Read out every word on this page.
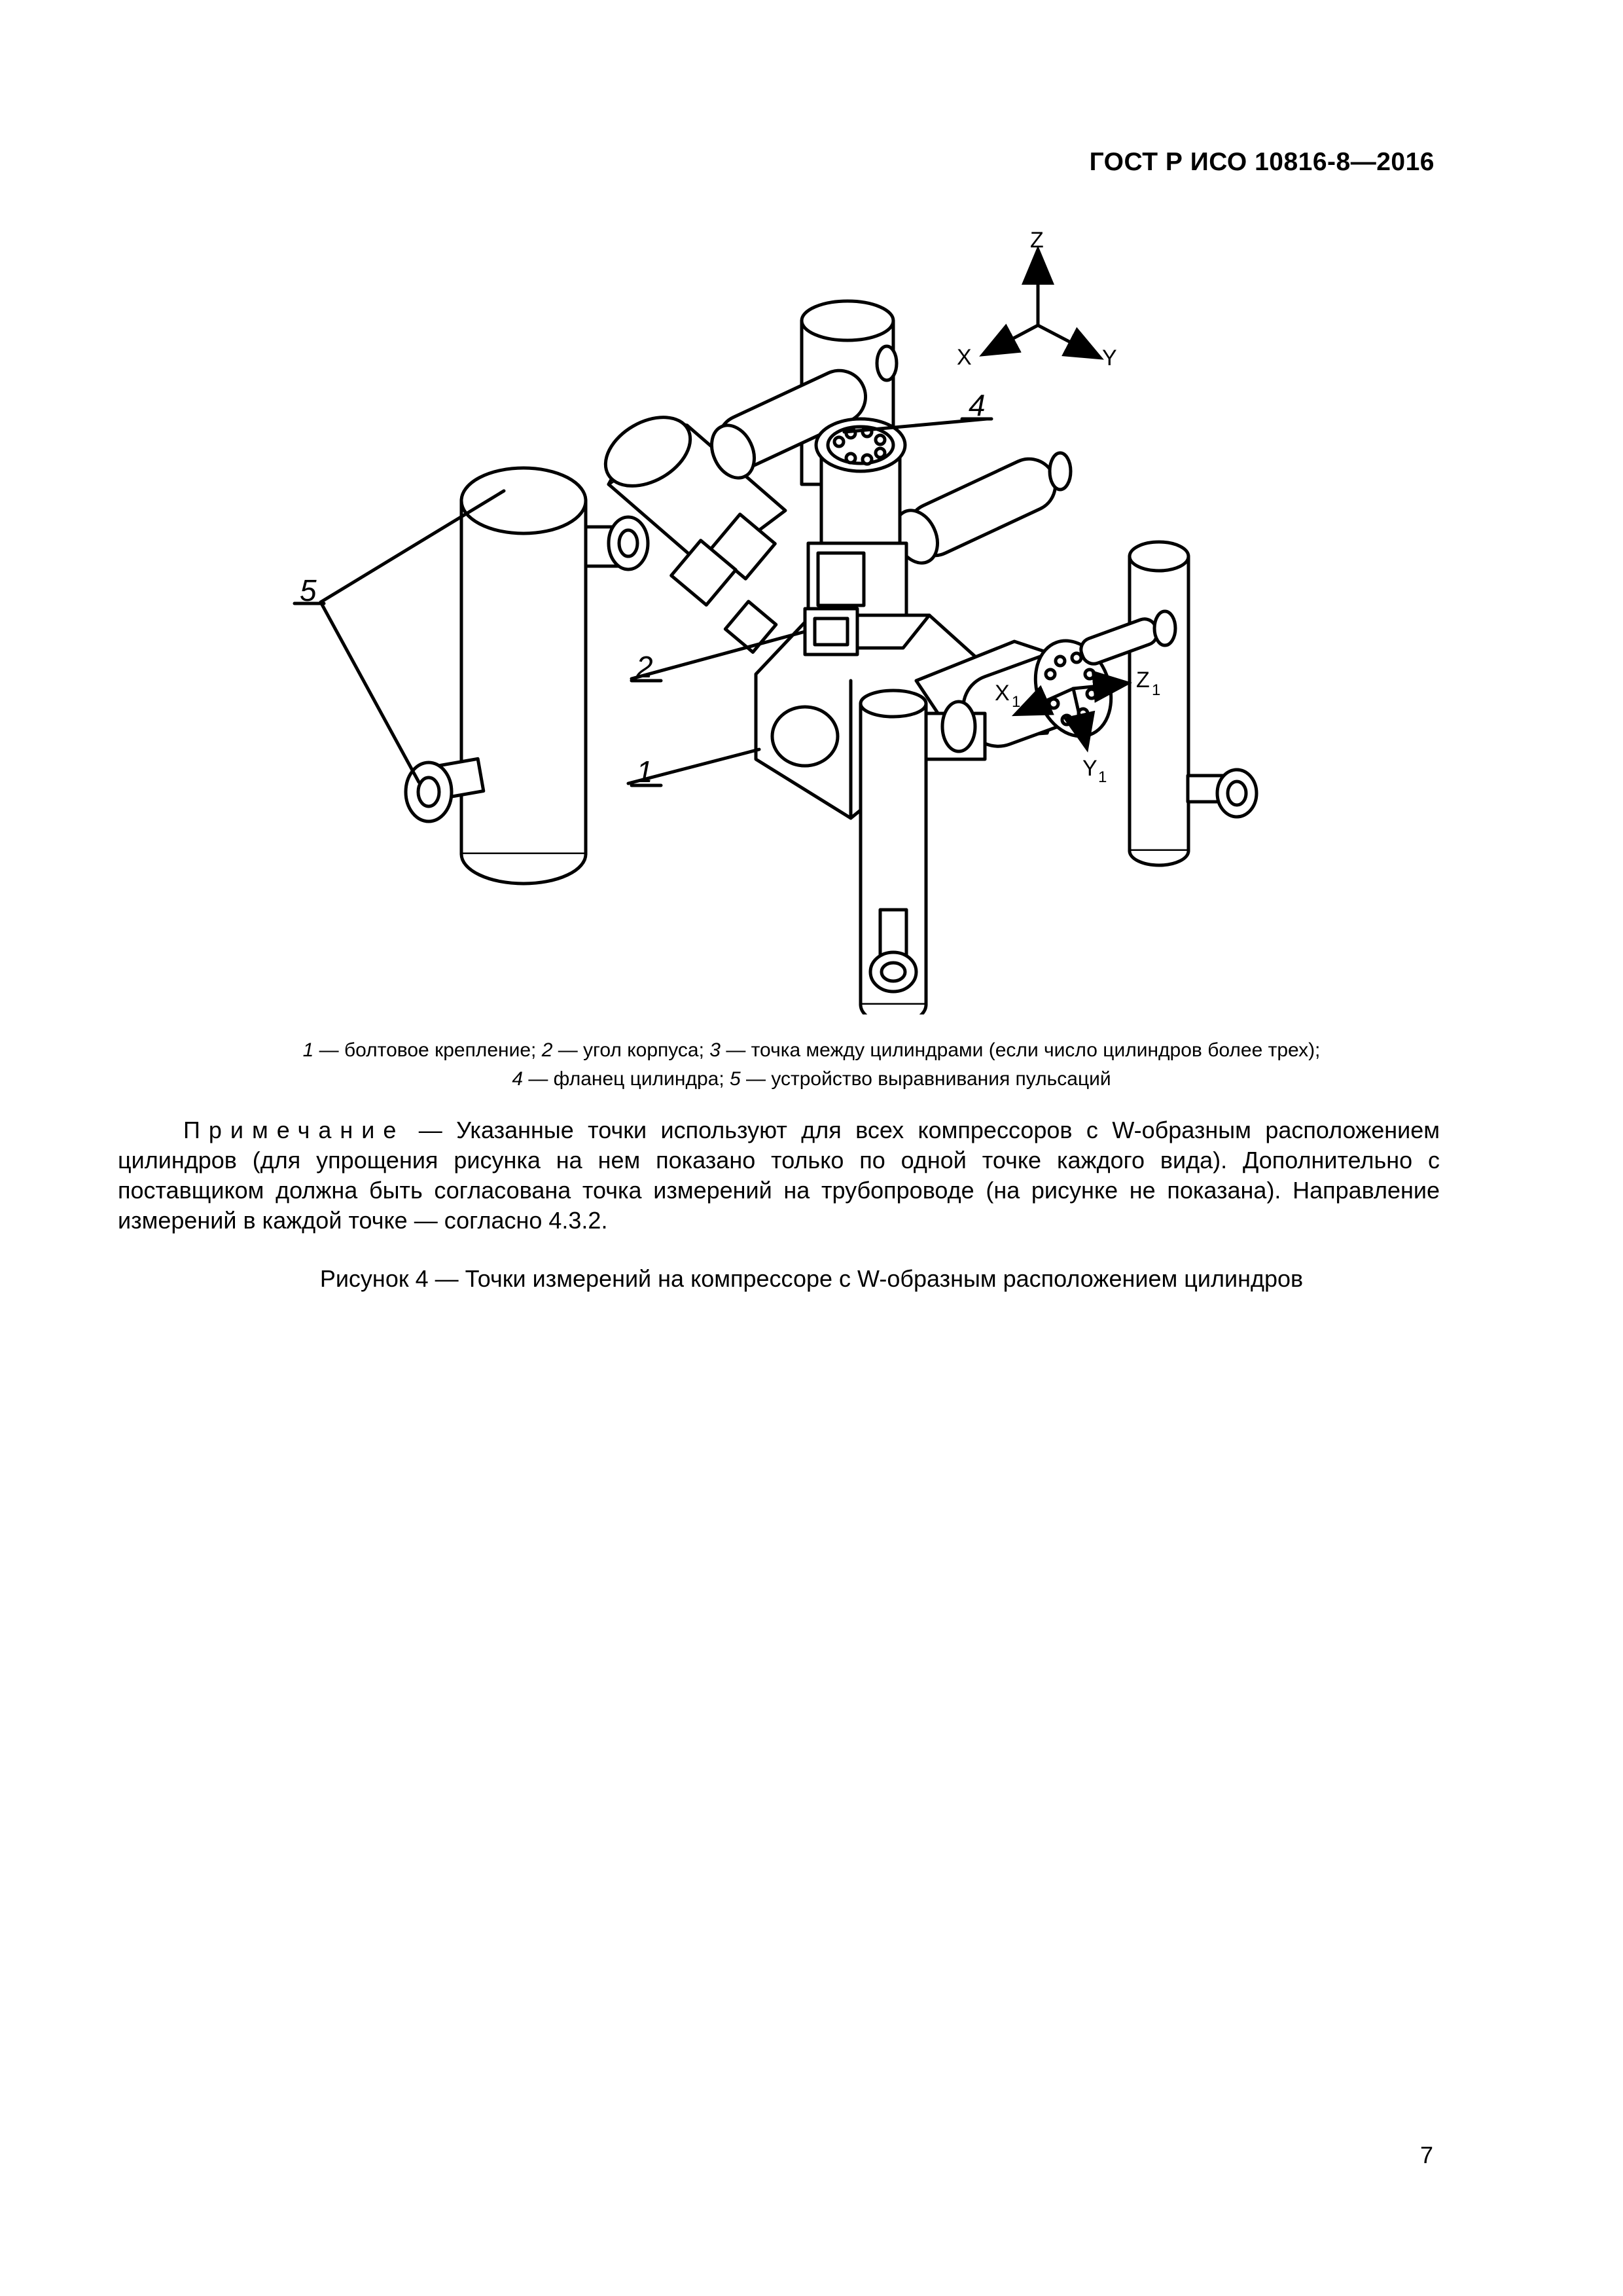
ГОСТ Р ИСО 10816-8—2016
Z
X	Y
X 1
Z 1
Y 1
1
2
4
5
1 — болтовое крепление; 2 — угол корпуса; 3 — точка между цилиндрами (если число цилиндров более трех);
4 — фланец цилиндра; 5 — устройство выравнивания пульсаций
Примечание — Указанные точки используют для всех компрессоров с W-образным расположением цилиндров (для упрощения рисунка на нем показано только по одной точке каждого вида). Дополнительно с поставщиком должна быть согласована точка измерений на трубопроводе (на рисунке не показана). Направление измерений в каждой точке — согласно 4.3.2.
Рисунок 4 — Точки измерений на компрессоре с W-образным расположением цилиндров
7
